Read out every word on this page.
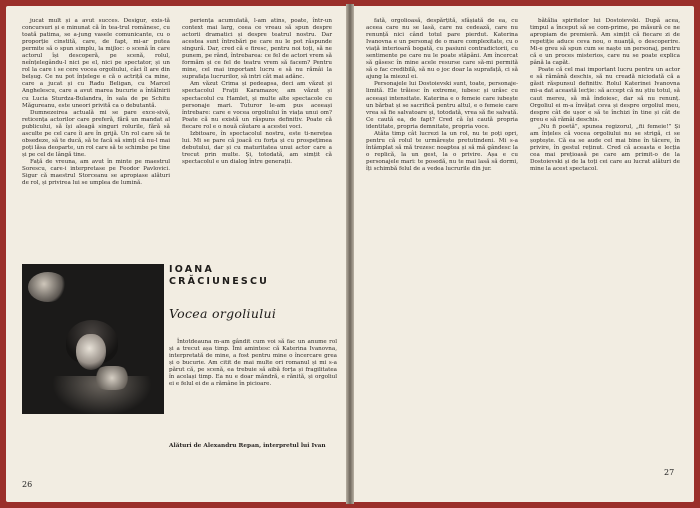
jucat mult și a avut succes. Desigur, exis-tă concursuri și e minunat că în tea-trul românesc, cu toată patima, se a-jung vasele comunicante, cu o proporție cinstită, care, de fapt, mi-ar putea permite să o spun simplu, la mijloc: o scenă în care actorul își descoperă, pe scenă, rolul, neînțelegându-l nici pe el, nici pe spectator, și un rol la care i se cere vocea orgoliului, căci îl are din belșug. Ce nu pot înțelege e că o actriță ca mine, care a jucat și cu Radu Beligan, cu Marcel Anghelescu, care a avut marea bucurie a întâlnirii cu Lucia Sturdza-Bulandra, în sala de pe Schitu Măgureanu, este uneori privită ca o debutantă.

Dumnezeirea actuală mi se pare exce-sivă, reticența actorilor care preferă, fără un mandat al publicului, să își aleagă singuri rolurile, fără să asculte pe cel care îi are în grijă. Un rol care să te obsedeze, să te ducă, să te facă să simți că nu-l mai poți lăsa deoparte, un rol care să te schimbe pe tine și pe cel de lângă tine.

Față de vreuna, am avut în minte pe maestrul Sorescu, care-i interpretase pe Feodor Pavlovici. Sigur că maestrul Storceanu se apropiase alături de rol, și privirea lui se umplea de lumină.

periența acumulată, l-am atins, poate, într-un context mai larg, ceea ce vreau să spun despre actorii dramatici și despre teatrul nostru. Dar acestea sunt întrebări pe care nu le pot răspunde singură. Dar, cred că e firesc, pentru noi toți, să ne punem, pe rând, întrebarea: ce fel de actori vrem să formăm și ce fel de teatru vrem să facem? Pentru mine, cel mai important lucru e să nu rămâi la suprafața lucrurilor, să intri cât mai adânc.

Am văzut Crima și pedeapsa, deci am văzut și spectacolul Frații Karamazov, am văzut și spectacolul cu Hamlet, și multe alte spectacole cu personaje mari. Tuturor le-am pus aceeași întrebare: care e vocea orgoliului în viața unui om? Poate că nu există un răspuns definitiv. Poate că fiecare rol e o nouă căutare a acestei voci.

Izbitoare, în spectacolul nostru, este ti-nerețea lui. Mi se pare că joacă cu forța și cu prospețimea debutului, dar și cu maturitatea unui actor care a trecut prin multe. Și, totodată, am simțit că spectacolul e un dialog între generații.

IOANA
CRĂCIUNESCU
Vocea orgoliului

Întotdeauna m-am gândit cum voi să fac un anume rol și a trecut așa timp. Îmi amintesc că Katerina Ivanovna, interpretată de mine, a fost pentru mine o încercare grea și o bucurie. Am citit de mai multe ori romanul și mi s-a părut că, pe scenă, ea trebuie să aibă forța și fragilitatea în același timp. Ea nu e doar mândră, e rănită, și orgoliul ei e felul ei de a rămâne în picioare.

Alături de Alexandru Repan, interpretul lui Ivan
26

fată, orgolioasă, despărțită, sfâșiată de ea, cu aceea care nu se lasă, care nu cedează, care nu renunță nici când totul pare pierdut. Katerina Ivanovna e un personaj de o mare complexitate, cu o viață interioară bogată, cu pasiuni contradictorii, cu sentimente pe care nu le poate stăpâni. Am încercat să găsesc în mine acele resurse care să-mi permită să o fac credibilă, să nu o joc doar la suprafață, ci să ajung la miezul ei.

Personajele lui Dostoievski sunt, toate, personaje-limită. Ele trăiesc în extreme, iubesc și urăsc cu aceeași intensitate. Katerina e o femeie care iubește un bărbat și se sacrifică pentru altul, e o femeie care vrea să fie salvatoare și, totodată, vrea să fie salvată. Ce caută ea, de fapt? Cred că își caută propria identitate, propria demnitate, propria voce.

Atâta timp cât lucrezi la un rol, nu te poți opri, pentru că rolul te urmărește pretutindeni. Mi s-a întâmplat să mă trezesc noaptea și să mă gândesc la o replică, la un gest, la o privire. Așa e cu personajele mari: te posedă, nu te mai lasă să dormi, îți schimbă felul de a vedea lucrurile din jur.

bătălia spiritelor lui Dostoievski. După acea, timpul a început să se com-prime, pe măsură ce ne apropiam de premieră. Am simțit că fiecare zi de repetiție aduce ceva nou, o nuanță, o descoperire. Mi-e greu să spun cum se naște un personaj, pentru că e un proces misterios, care nu se poate explica până la capăt.

Poate că cel mai important lucru pentru un actor e să rămână deschis, să nu creadă niciodată că a găsit răspunsul definitiv. Rolul Katerinei Ivanovna mi-a dat această lecție: să accept că nu știu totul, să caut mereu, să mă îndoiesc, dar să nu renunț. Orgoliul ei m-a învățat ceva și despre orgoliul meu, despre cât de ușor e să te închizi în tine și cât de greu e să rămâi deschis.

„Nu fi poetă”, spunea regizorul, „fii femeie!” Și am înțeles că vocea orgoliului nu se strigă, ci se șoptește. Că ea se aude cel mai bine în tăcere, în privire, în gestul reținut. Cred că aceasta e lecția cea mai prețioasă pe care am primit-o de la Dostoievski și de la toți cei care au lucrat alături de mine la acest spectacol.

27
